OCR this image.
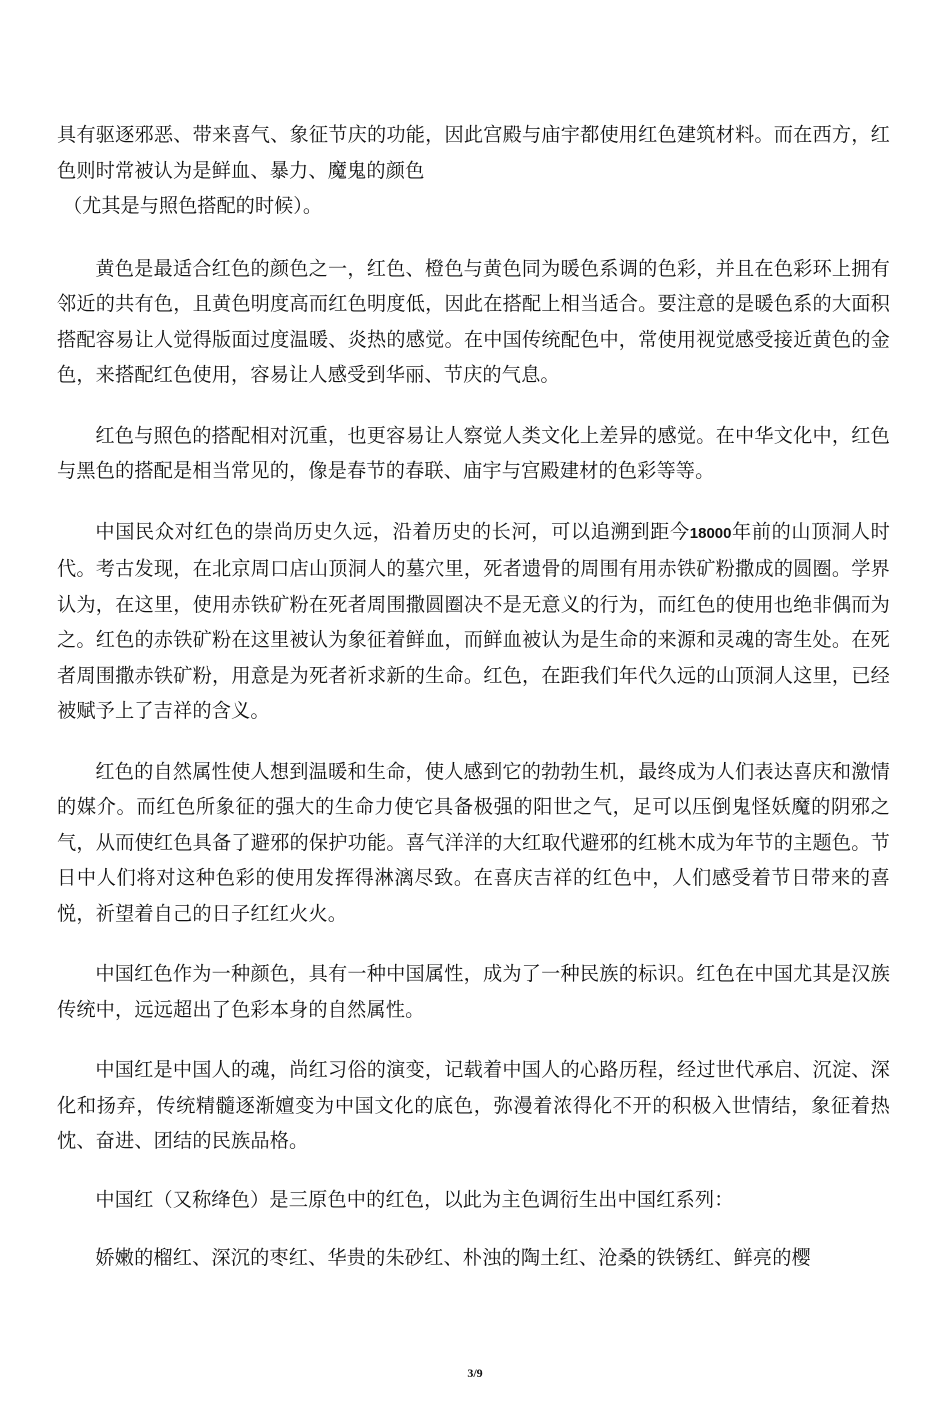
具有驱逐邪恶、带来喜气、象征节庆的功能，因此宫殿与庙宇都使用红色建筑材料。而在西方，红色则时常被认为是鲜血、暴力、魔鬼的颜色

（尤其是与照色搭配的时候）。

黄色是最适合红色的颜色之一，红色、橙色与黄色同为暖色系调的色彩，并且在色彩环上拥有邻近的共有色，且黄色明度高而红色明度低，因此在搭配上相当适合。要注意的是暖色系的大面积搭配容易让人觉得版面过度温暖、炎热的感觉。在中国传统配色中，常使用视觉感受接近黄色的金色，来搭配红色使用，容易让人感受到华丽、节庆的气息。

红色与照色的搭配相对沉重，也更容易让人察觉人类文化上差异的感觉。在中华文化中，红色与黑色的搭配是相当常见的，像是春节的春联、庙宇与宫殿建材的色彩等等。

中国民众对红色的崇尚历史久远，沿着历史的长河，可以追溯到距今18000年前的山顶洞人时代。考古发现，在北京周口店山顶洞人的墓穴里，死者遗骨的周围有用赤铁矿粉撒成的圆圈。学界认为，在这里，使用赤铁矿粉在死者周围撒圆圈决不是无意义的行为，而红色的使用也绝非偶而为之。红色的赤铁矿粉在这里被认为象征着鲜血，而鲜血被认为是生命的来源和灵魂的寄生处。在死者周围撒赤铁矿粉，用意是为死者祈求新的生命。红色，在距我们年代久远的山顶洞人这里，已经被赋予上了吉祥的含义。

红色的自然属性使人想到温暖和生命，使人感到它的勃勃生机，最终成为人们表达喜庆和激情的媒介。而红色所象征的强大的生命力使它具备极强的阳世之气，足可以压倒鬼怪妖魔的阴邪之气，从而使红色具备了避邪的保护功能。喜气洋洋的大红取代避邪的红桃木成为年节的主题色。节日中人们将对这种色彩的使用发挥得淋漓尽致。在喜庆吉祥的红色中，人们感受着节日带来的喜悦，祈望着自己的日子红红火火。

中国红色作为一种颜色，具有一种中国属性，成为了一种民族的标识。红色在中国尤其是汉族传统中，远远超出了色彩本身的自然属性。

中国红是中国人的魂，尚红习俗的演变，记载着中国人的心路历程，经过世代承启、沉淀、深化和扬弃，传统精髓逐渐嬗变为中国文化的底色，弥漫着浓得化不开的积极入世情结，象征着热忱、奋进、团结的民族品格。

中国红（又称绛色）是三原色中的红色，以此为主色调衍生出中国红系列：

娇嫩的榴红、深沉的枣红、华贵的朱砂红、朴浊的陶土红、沧桑的铁锈红、鲜亮的樱

3/9
